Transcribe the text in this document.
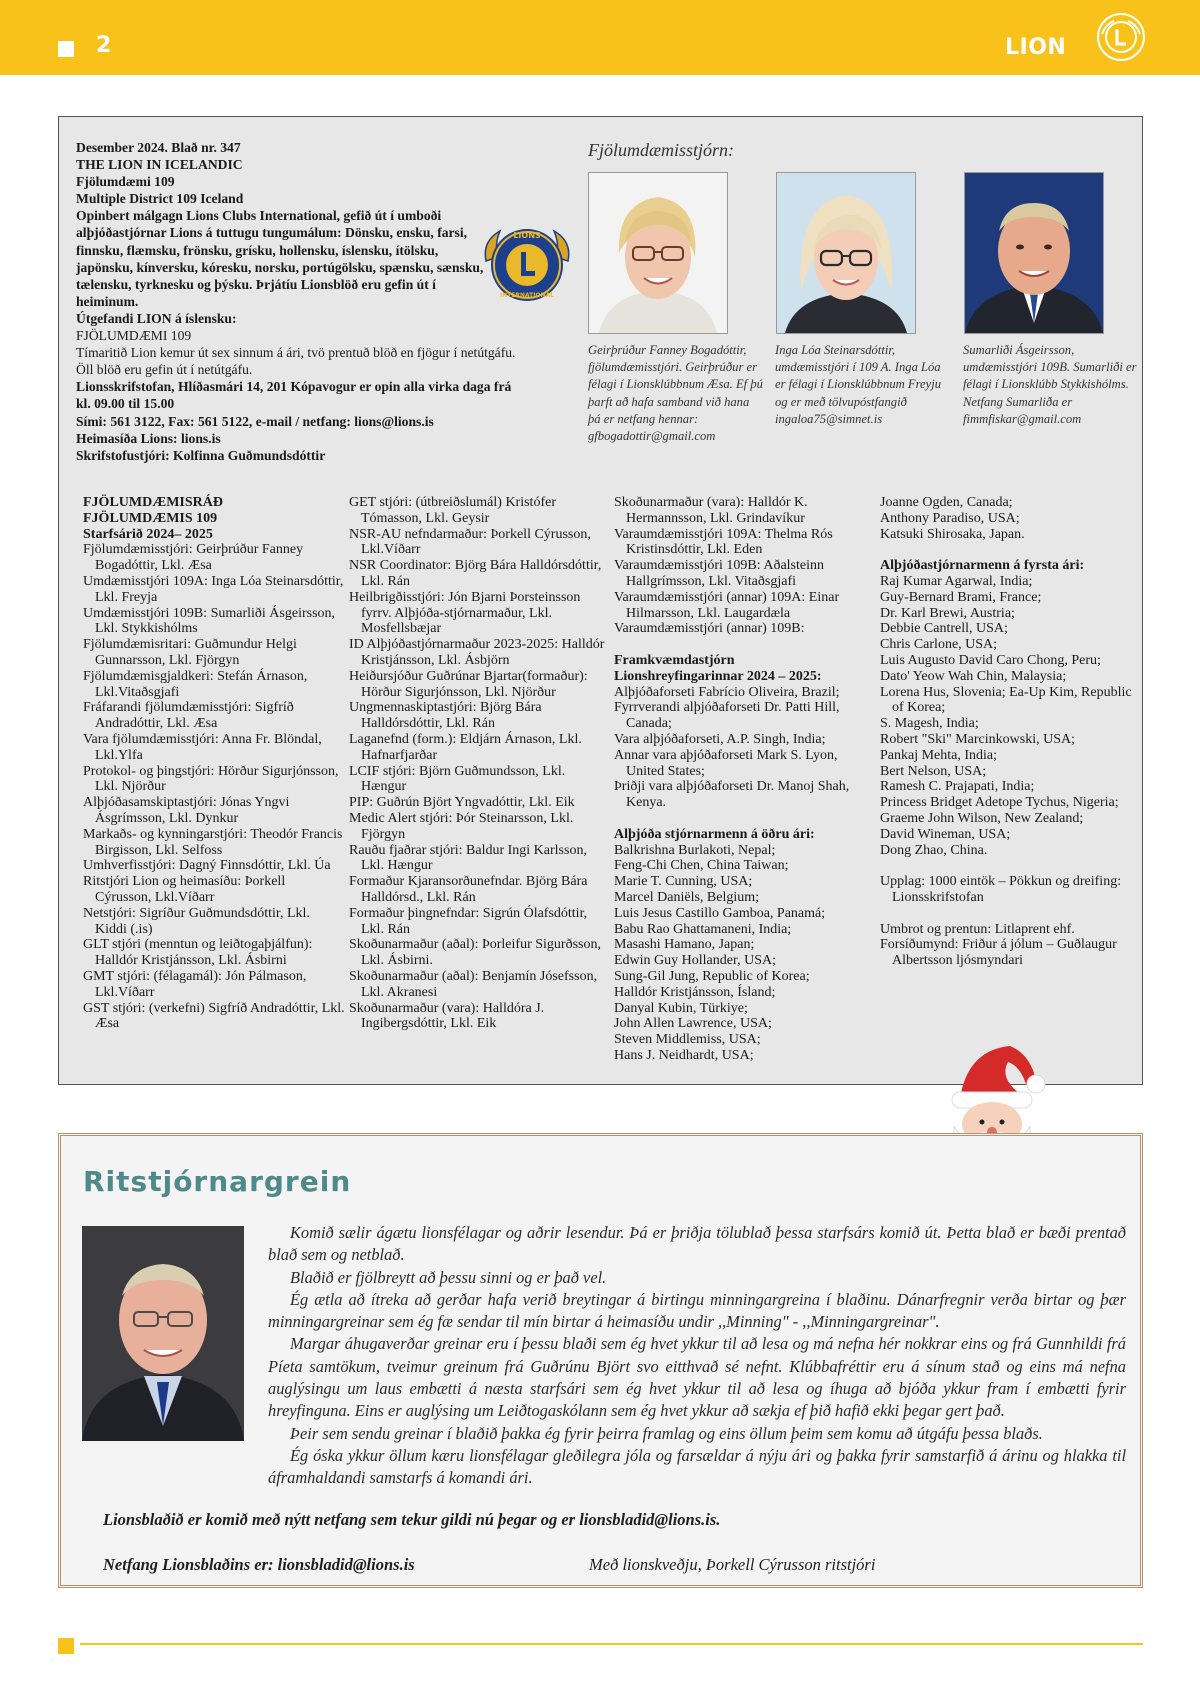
2	LION
Desember 2024. Blað nr. 347
THE LION IN ICELANDIC
Fjölumdæmi 109
Multiple District 109 Iceland
Opinbert málgagn Lions Clubs International, gefið út í umboði alþjóðastjórnar Lions á tuttugu tungumálum: Dönsku, ensku, farsi, finnsku, flæmsku, frönsku, grísku, hollensku, íslensku, ítölsku, japönsku, kínversku, kóresku, norsku, portúgölsku, spænsku, sænsku, tælensku, tyrknesku og þýsku. Þrjátíu Lionsblöð eru gefin út í heiminum.
Útgefandi LION á íslensku:
FJÖLUMDÆMI 109
Tímaritið Lion kemur út sex sinnum á ári, tvö prentuð blöð en fjögur í netútgáfu. Öll blöð eru gefin út í netútgáfu.
Lionsskrifstofan, Hlíðasmári 14, 201 Kópavogur er opin alla virka daga frá kl. 09.00 til 15.00
Sími: 561 3122, Fax: 561 5122, e-mail / netfang: lions@lions.is
Heimasíða Lions: lions.is
Skrifstofustjóri: Kolfinna Guðmundsdóttir
LIONS
INTERNATIONAL
Fjölumdæmisstjórn:
Geirþrúður Fanney Bogadóttir, fjölumdæmisstjóri. Geirþrúður er félagi í Lionsklúbbnum Æsa. Ef þú þarft að hafa samband við hana þá er netfang hennar: gfbogadottir@gmail.com
Inga Lóa Steinarsdóttir, umdæmisstjóri í 109 A. Inga Lóa er félagi í Lionsklúbbnum Freyju og er með tölvupóstfangið ingaloa75@simnet.is
Sumarliði Ásgeirsson, umdæmisstjóri 109B. Sumarliði er félagi í Lionsklúbb Stykkishólms. Netfang Sumarliða er fimmfiskar@gmail.com
FJÖLUMDÆMISRÁÐ
FJÖLUMDÆMIS 109
Starfsárið 2024– 2025
Fjölumdæmisstjóri: Geirþrúður Fanney Bogadóttir, Lkl. Æsa
Umdæmisstjóri 109A: Inga Lóa Steinarsdóttir, Lkl. Freyja
Umdæmisstjóri 109B: Sumarliði Ásgeirsson, Lkl. Stykkishólms
Fjölumdæmisritari: Guðmundur Helgi Gunnarsson, Lkl. Fjörgyn
Fjölumdæmisgjaldkeri: Stefán Árnason, Lkl.Vitaðsgjafi
Fráfarandi fjölumdæmisstjóri: Sigfríð Andradóttir, Lkl. Æsa
Vara fjölumdæmisstjóri: Anna Fr. Blöndal, Lkl.Ylfa
Protokol- og þingstjóri: Hörður Sigurjónsson, Lkl. Njörður
Alþjóðasamskiptastjóri: Jónas Yngvi Ásgrímsson, Lkl. Dynkur
Markaðs- og kynningarstjóri: Theodór Francis Birgisson, Lkl. Selfoss
Umhverfisstjóri: Dagný Finnsdóttir, Lkl. Úa
Ritstjóri Lion og heimasíðu: Þorkell Cýrusson, Lkl.Víðarr
Netstjóri: Sigríður Guðmundsdóttir, Lkl. Kiddi (.is)
GLT stjóri (menntun og leiðtogaþjálfun): Halldór Kristjánsson, Lkl. Ásbirni
GMT stjóri: (félagamál): Jón Pálmason, Lkl.Víðarr
GST stjóri: (verkefni) Sigfríð Andradóttir, Lkl. Æsa
GET stjóri: (útbreiðslumál) Kristófer Tómasson, Lkl. Geysir
NSR-AU nefndarmaður: Þorkell Cýrusson, Lkl.Víðarr
NSR Coordinator: Björg Bára Halldórsdóttir, Lkl. Rán
Heilbrigðisstjóri: Jón Bjarni Þorsteinsson fyrrv. Alþjóða-stjórnarmaður, Lkl. Mosfellsbæjar
ID Alþjóðastjórnarmaður 2023-2025: Halldór Kristjánsson, Lkl. Ásbjörn
Heiðursjóður Guðrúnar Bjartar(formaður): Hörður Sigurjónsson, Lkl. Njörður
Ungmennaskiptastjóri: Björg Bára Halldórsdóttir, Lkl. Rán
Laganefnd (form.): Eldjárn Árnason, Lkl. Hafnarfjarðar
LCIF stjóri: Björn Guðmundsson, Lkl. Hængur
PIP: Guðrún Björt Yngvadóttir, Lkl. Eik
Medic Alert stjóri: Þór Steinarsson, Lkl. Fjörgyn
Rauðu fjaðrar stjóri: Baldur Ingi Karlsson, Lkl. Hængur
Formaður Kjaransorðunefndar. Björg Bára Halldórsd., Lkl. Rán
Formaður þingnefndar: Sigrún Ólafsdóttir, Lkl. Rán
Skoðunarmaður (aðal): Þorleifur Sigurðsson, Lkl. Ásbirni.
Skoðunarmaður (aðal): Benjamín Jósefsson, Lkl. Akranesi
Skoðunarmaður (vara): Halldóra J. Ingibergsdóttir, Lkl. Eik
Skoðunarmaður (vara): Halldór K. Hermannsson, Lkl. Grindavíkur
Varaumdæmisstjóri 109A: Thelma Rós Kristinsdóttir, Lkl. Eden
Varaumdæmisstjóri 109B: Aðalsteinn Hallgrímsson, Lkl. Vitaðsgjafi
Varaumdæmisstjóri (annar) 109A: Einar Hilmarsson, Lkl. Laugardæla
Varaumdæmisstjóri (annar) 109B:
Framkvæmdastjórn
Lionshreyfingarinnar 2024 – 2025:
Alþjóðaforseti Fabrício Oliveira, Brazil;
Fyrrverandi alþjóðaforseti Dr. Patti Hill, Canada;
Vara alþjóðaforseti, A.P. Singh, India;
Annar vara aþjóðaforseti Mark S. Lyon, United States;
Þriðji vara alþjóðaforseti Dr. Manoj Shah, Kenya.
Alþjóða stjórnarmenn á öðru ári:
Balkrishna Burlakoti, Nepal;
Feng-Chi Chen, China Taiwan;
Marie T. Cunning, USA;
Marcel Daniëls, Belgium;
Luis Jesus Castillo Gamboa, Panamá;
Babu Rao Ghattamaneni, India;
Masashi Hamano, Japan;
Edwin Guy Hollander, USA;
Sung-Gil Jung, Republic of Korea;
Halldór Kristjánsson, Ísland;
Danyal Kubin, Türkiye;
John Allen Lawrence, USA;
Steven Middlemiss, USA;
Hans J. Neidhardt, USA;
Joanne Ogden, Canada;
Anthony Paradiso, USA;
Katsuki Shirosaka, Japan.
Alþjóðastjórnarmenn á fyrsta ári:
Raj Kumar Agarwal, India;
Guy-Bernard Brami, France;
Dr. Karl Brewi, Austria;
Debbie Cantrell, USA;
Chris Carlone, USA;
Luis Augusto David Caro Chong, Peru;
Dato' Yeow Wah Chin, Malaysia;
Lorena Hus, Slovenia; Ea-Up Kim, Republic of Korea;
S. Magesh, India;
Robert "Ski" Marcinkowski, USA;
Pankaj Mehta, India;
Bert Nelson, USA;
Ramesh C. Prajapati, India;
Princess Bridget Adetope Tychus, Nigeria;
Graeme John Wilson, New Zealand;
David Wineman, USA;
Dong Zhao, China.
Upplag: 1000 eintök – Pökkun og dreifing: Lionsskrifstofan
Umbrot og prentun: Litlaprent ehf.
Forsíðumynd: Friður á jólum – Guðlaugur Albertsson ljósmyndari
Ritstjórnargrein

Komið sælir ágætu lionsfélagar og aðrir lesendur. Þá er þriðja tölublað þessa starfsárs komið út. Þetta blað er bæði prentað blað sem og netblað.

Blaðið er fjölbreytt að þessu sinni og er það vel.

Ég ætla að ítreka að gerðar hafa verið breytingar á birtingu minningargreina í blaðinu. Dánarfregnir verða birtar og þær minningargreinar sem ég fæ sendar til mín birtar á heimasíðu undir ,,Minning" - ,,Minningargreinar".

Margar áhugaverðar greinar eru í þessu blaði sem ég hvet ykkur til að lesa og má nefna hér nokkrar eins og frá Gunnhildi frá Píeta samtökum, tveimur greinum frá Guðrúnu Björt svo eitthvað sé nefnt. Klúbbafréttir eru á sínum stað og eins má nefna auglýsingu um laus embætti á næsta starfsári sem ég hvet ykkur til að lesa og íhuga að bjóða ykkur fram í embætti fyrir hreyfinguna. Eins er auglýsing um Leiðtogaskólann sem ég hvet ykkur að sækja ef þið hafið ekki þegar gert það.

Þeir sem sendu greinar í blaðið þakka ég fyrir þeirra framlag og eins öllum þeim sem komu að útgáfu þessa blaðs.

Ég óska ykkur öllum kæru lionsfélagar gleðilegra jóla og farsældar á nýju ári og þakka fyrir samstarfið á árinu og hlakka til áframhaldandi samstarfs á komandi ári.

Lionsblaðið er komið með nýtt netfang sem tekur gildi nú þegar og er lionsbladid@lions.is.
Netfang Lionsblaðins er: lionsbladid@lions.is	Með lionskveðju, Þorkell Cýrusson ritstjóri
